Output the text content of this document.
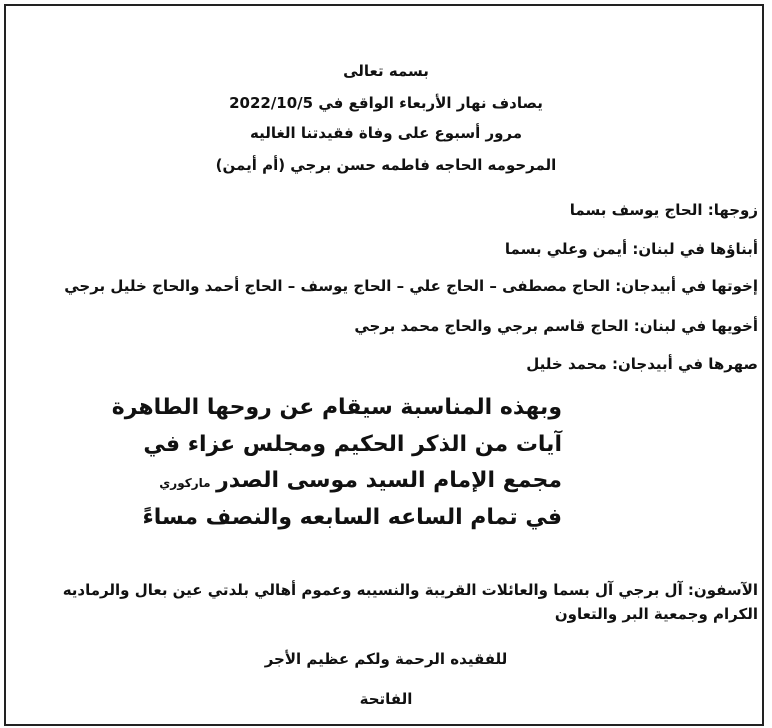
بسمه تعالى
يصادف نهار الأربعاء الواقع في 2022/10/5
مرور أسبوع على وفاة فقيدتنا الغاليه
المرحومه الحاجه فاطمه حسن برجي (أم أيمن)
زوجها: الحاج يوسف بسما
أبناؤها في لبنان: أيمن وعلي بسما
إخوتها في أبيدجان: الحاج مصطفى – الحاج علي – الحاج يوسف – الحاج أحمد والحاج خليل برجي
أخويها في لبنان: الحاج قاسم برجي والحاج محمد برجي
صهرها في أبيدجان: محمد خليل
وبهذه المناسبة سيقام عن روحها الطاهرة
آيات من الذكر الحكيم ومجلس عزاء في
مجمع الإمام السيد موسى الصدر ماركوري
في تمام الساعه السابعه والنصف مساءً
الآسفون: آل برجي آل بسما والعائلات القريبة والنسيبه وعموم أهالي بلدتي عين بعال والرماديه الكرام وجمعية البر والتعاون
للفقيده الرحمة ولكم عظيم الأجر
الفاتحة
